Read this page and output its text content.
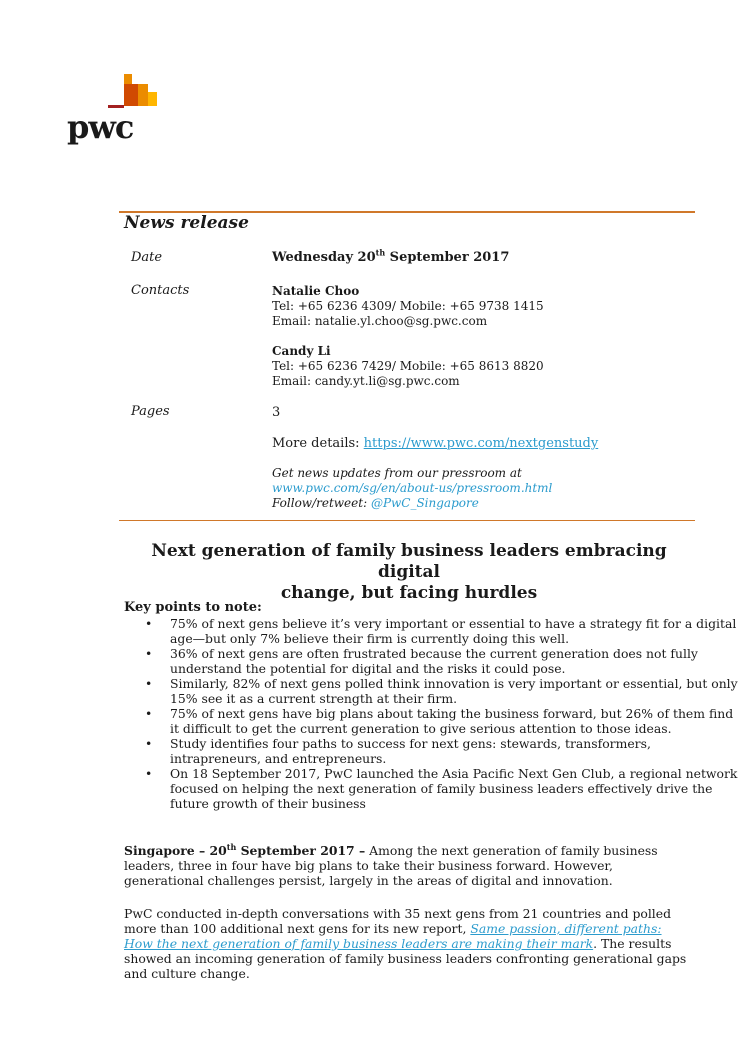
pwc
News release
Date	Wednesday 20th September 2017
Contacts	Natalie Choo
Tel: +65 6236 4309/ Mobile: +65 9738 1415
Email: natalie.yl.choo@sg.pwc.com
Candy Li
Tel: +65 6236 7429/ Mobile: +65 8613 8820
Email: candy.yt.li@sg.pwc.com
Pages	3
More details: https://www.pwc.com/nextgenstudy
Get news updates from our pressroom at
www.pwc.com/sg/en/about-us/pressroom.html
Follow/retweet: @PwC_Singapore
Next generation of family business leaders embracing digital
change, but facing hurdles
Key points to note:
• 75% of next gens believe it’s very important or essential to have a strategy fit for a digital age—but only 7% believe their firm is currently doing this well.
• 36% of next gens are often frustrated because the current generation does not fully understand the potential for digital and the risks it could pose.
• Similarly, 82% of next gens polled think innovation is very important or essential, but only 15% see it as a current strength at their firm.
• 75% of next gens have big plans about taking the business forward, but 26% of them find it difficult to get the current generation to give serious attention to those ideas.
• Study identifies four paths to success for next gens: stewards, transformers, intrapreneurs, and entrepreneurs.
• On 18 September 2017, PwC launched the Asia Pacific Next Gen Club, a regional network focused on helping the next generation of family business leaders effectively drive the future growth of their business
Singapore – 20th September 2017 – Among the next generation of family business leaders, three in four have big plans to take their business forward. However, generational challenges persist, largely in the areas of digital and innovation.
PwC conducted in-depth conversations with 35 next gens from 21 countries and polled more than 100 additional next gens for its new report, Same passion, different paths: How the next generation of family business leaders are making their mark. The results showed an incoming generation of family business leaders confronting generational gaps and culture change.
